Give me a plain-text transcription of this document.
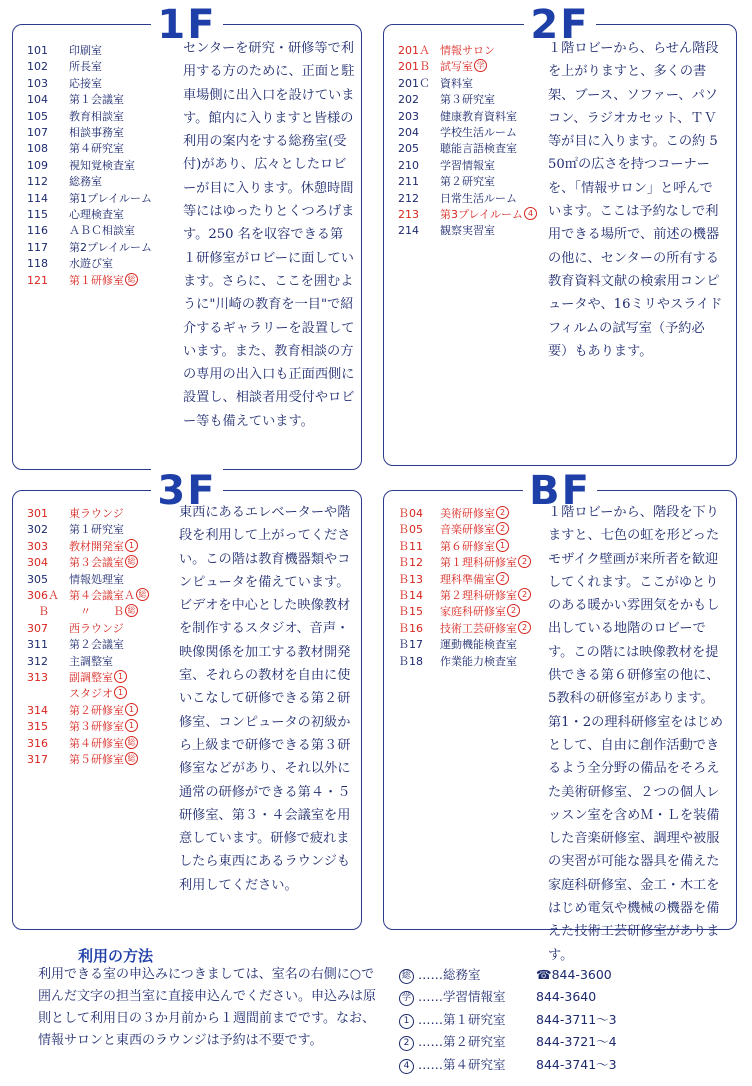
1F
101	印刷室
102	所長室
103	応接室
104	第１会議室
105	教育相談室
107	相談事務室
108	第４研究室
109	視知覚検査室
112	総務室
114	第1プレイルーム
115	心理検査室
116	ＡＢＣ相談室
117	第2プレイルーム
118	水遊び室
121	第１研修室 総

センターを研究・研修等で利用する方のために、正面と駐車場側に出入口を設けています。館内に入りますと皆様の利用の案内をする総務室(受付)があり、広々としたロビーが目に入ります。休憩時間等にはゆったりとくつろげます。250 名を収容できる第１研修室がロビーに面しています。さらに、ここを囲むように"川崎の教育を一目"で紹介するギャラリーを設置しています。また、教育相談の方の専用の出入口も正面西側に設置し、相談者用受付やロビー等も備えています。

2F
201Ａ 情報サロン
201Ｂ 試写室 学
201Ｃ 資料室
202	第３研究室
203	健康教育資料室
204	学校生活ルーム
205	聴能言語検査室
210	学習情報室
211	第２研究室
212	日常生活ルーム
213	第3プレイルーム 4
214	観察実習室

１階ロビーから、らせん階段を上がりますと、多くの書架、ブース、ソファー、パソコン、ラジオカセット、ＴＶ等が目に入ります。この約 550㎡の広さを持つコーナーを、「情報サロン」と呼んでいます。ここは予約なしで利用できる場所で、前述の機器の他に、センターの所有する教育資料文献の検索用コンピュータや、16ミリやスライドフィルムの試写室（予約必要）もあります。

3F
301	東ラウンジ
302	第１研究室
303	教材開発室 1
304	第３会議室 総
305	情報処理室
306Ａ 第４会議室Ａ 総
　Ｂ	　〃　　Ｂ 総
307	西ラウンジ
311	第２会議室
312	主調整室
313	副調整室 1
スタジオ 1
314	第２研修室 1
315	第３研修室 1
316	第４研修室 総
317	第５研修室 総

東西にあるエレベーターや階段を利用して上がってください。この階は教育機器類やコンピュータを備えています。ビデオを中心とした映像教材を制作するスタジオ、音声・映像関係を加工する教材開発室、それらの教材を自由に使いこなして研修できる第２研修室、コンピュータの初級から上級まで研修できる第３研修室などがあり、それ以外に通常の研修ができる第４・５研修室、第３・４会議室を用意しています。研修で疲れましたら東西にあるラウンジも利用してください。

BF
Ｂ04	美術研修室 2
Ｂ05	音楽研修室 2
Ｂ11	第６研修室 1
Ｂ12	第１理科研修室 2
Ｂ13	理科準備室 2
Ｂ14	第２理科研修室 2
Ｂ15	家庭科研修室 2
Ｂ16	技術工芸研修室 2
Ｂ17	運動機能検査室
Ｂ18	作業能力検査室

１階ロビーから、階段を下りますと、七色の虹を形どったモザイク壁画が来所者を歓迎してくれます。ここがゆとりのある暖かい雰囲気をかもし出している地階のロビーです。この階には映像教材を提供できる第６研修室の他に、5教科の研修室があります。第1・2の理科研修室をはじめとして、自由に創作活動できるよう全分野の備品をそろえた美術研修室、２つの個人レッスン室を含めＭ・Ｌを装備した音楽研修室、調理や被服の実習が可能な器具を備えた家庭科研修室、金工・木工をはじめ電気や機械の機器を備えた技術工芸研修室があります。

利用の方法

利用できる室の申込みにつきましては、室名の右側に○で囲んだ文字の担当室に直接申込んでください。申込みは原則として利用日の３か月前から１週間前までです。なお、情報サロンと東西のラウンジは予約は不要です。

総 ……総務室	☎844-3600
学 ……学習情報室	844-3640
1 ……第１研究室	844-3711～3
2 ……第２研究室	844-3721～4
4 ……第４研究室	844-3741～3
